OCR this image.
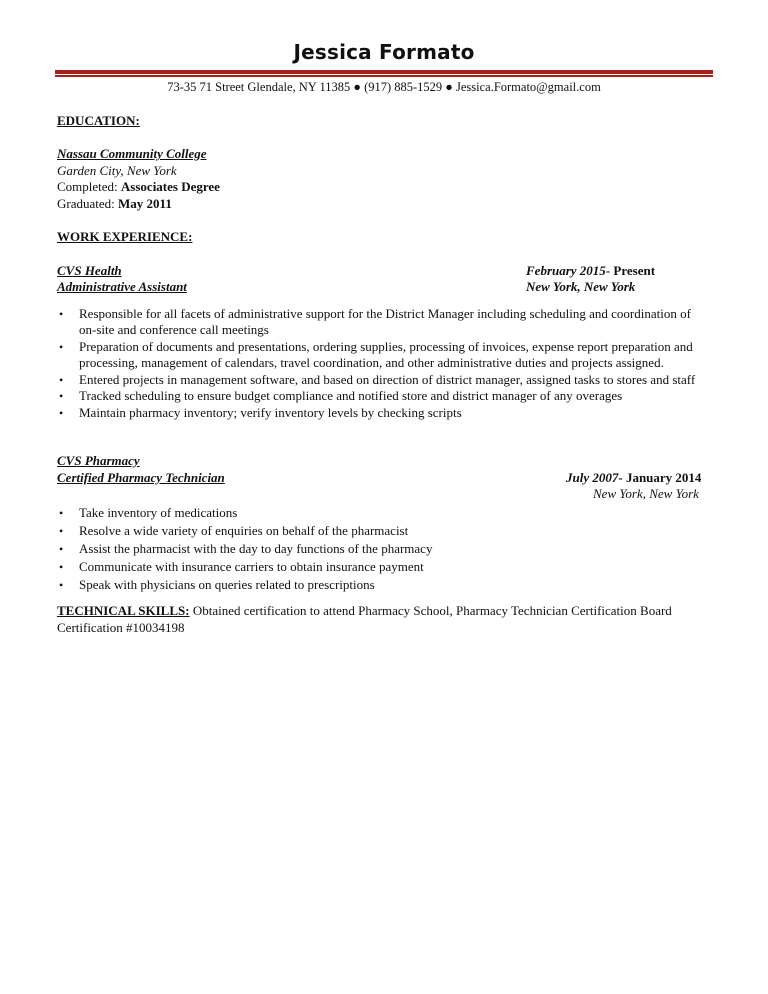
Jessica Formato
73-35 71 Street Glendale, NY 11385 ● (917) 885-1529 ● Jessica.Formato@gmail.com
EDUCATION:
Nassau Community College
Garden City, New York
Completed: Associates Degree
Graduated: May 2011
WORK EXPERIENCE:
CVS Health	February 2015- Present
Administrative Assistant	New York, New York
• Responsible for all facets of administrative support for the District Manager including scheduling and coordination of on-site and conference call meetings
• Preparation of documents and presentations, ordering supplies, processing of invoices, expense report preparation and processing, management of calendars, travel coordination, and other administrative duties and projects assigned.
• Entered projects in management software, and based on direction of district manager, assigned tasks to stores and staff
• Tracked scheduling to ensure budget compliance and notified store and district manager of any overages
• Maintain pharmacy inventory; verify inventory levels by checking scripts
CVS Pharmacy
Certified Pharmacy Technician	July 2007- January 2014
New York, New York
• Take inventory of medications
• Resolve a wide variety of enquiries on behalf of the pharmacist
• Assist the pharmacist with the day to day functions of the pharmacy
• Communicate with insurance carriers to obtain insurance payment
• Speak with physicians on queries related to prescriptions
TECHNICAL SKILLS: Obtained certification to attend Pharmacy School, Pharmacy Technician Certification Board Certification #10034198
